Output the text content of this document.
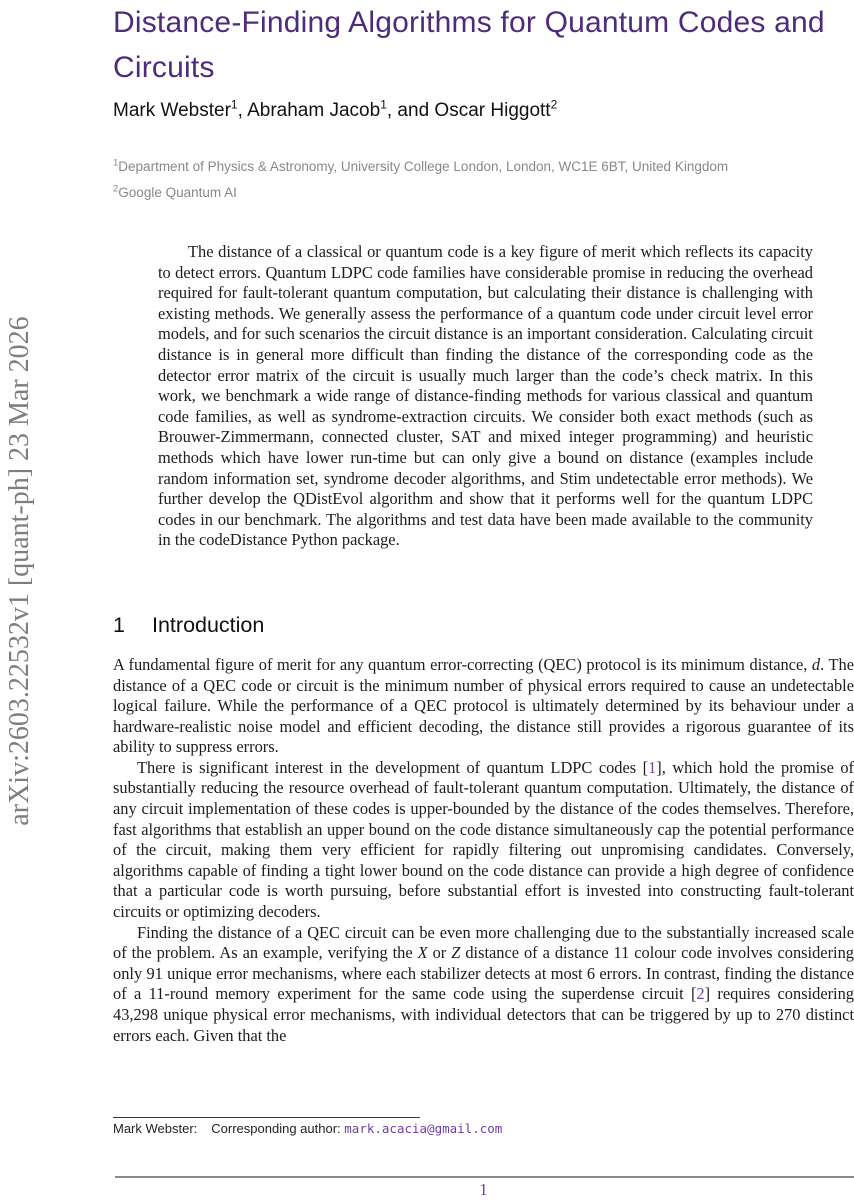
arXiv:2603.22532v1 [quant-ph] 23 Mar 2026
Distance-Finding Algorithms for Quantum Codes and
Circuits
Mark Webster$^1$, Abraham Jacob$^1$, and Oscar Higgott$^2$
$^1$Department of Physics & Astronomy, University College London, London, WC1E 6BT, United Kingdom
$^2$Google Quantum AI
The distance of a classical or quantum code is a key figure of merit which reflects its capacity to detect errors. Quantum LDPC code families have considerable promise in reducing the overhead required for fault-tolerant quantum computation, but calculating their distance is challenging with existing methods. We generally assess the performance of a quantum code under circuit level error models, and for such scenarios the circuit distance is an important consideration. Calculating circuit distance is in general more difficult than finding the distance of the corresponding code as the detector error matrix of the circuit is usually much larger than the code’s check matrix. In this work, we benchmark a wide range of distance-finding methods for various classical and quantum code families, as well as syndrome-extraction circuits. We consider both exact methods (such as Brouwer-Zimmermann, connected cluster, SAT and mixed integer programming) and heuristic methods which have lower run-time but can only give a bound on distance (examples include random information set, syndrome decoder algorithms, and Stim undetectable error methods). We further develop the QDistEvol algorithm and show that it performs well for the quantum LDPC codes in our benchmark. The algorithms and test data have been made available to the community in the codeDistance Python package.
1 Introduction

A fundamental figure of merit for any quantum error-correcting (QEC) protocol is its minimum distance, d. The distance of a QEC code or circuit is the minimum number of physical errors required to cause an undetectable logical failure. While the performance of a QEC protocol is ultimately determined by its behaviour under a hardware-realistic noise model and efficient decoding, the distance still provides a rigorous guarantee of its ability to suppress errors.

There is significant interest in the development of quantum LDPC codes [1], which hold the promise of substantially reducing the resource overhead of fault-tolerant quantum computation. Ultimately, the distance of any circuit implementation of these codes is upper-bounded by the distance of the codes themselves. Therefore, fast algorithms that establish an upper bound on the code distance simultaneously cap the potential performance of the circuit, making them very efficient for rapidly filtering out unpromising candidates. Conversely, algorithms capable of finding a tight lower bound on the code distance can provide a high degree of confidence that a particular code is worth pursuing, before substantial effort is invested into constructing fault-tolerant circuits or optimizing decoders.

Finding the distance of a QEC circuit can be even more challenging due to the substantially increased scale of the problem. As an example, verifying the X or Z distance of a distance 11 colour code involves considering only 91 unique error mechanisms, where each stabilizer detects at most 6 errors. In contrast, finding the distance of a 11-round memory experiment for the same code using the superdense circuit [2] requires considering 43,298 unique physical error mechanisms, with individual detectors that can be triggered by up to 270 distinct errors each. Given that the

Mark Webster: Corresponding author: mark.acacia@gmail.com
1
